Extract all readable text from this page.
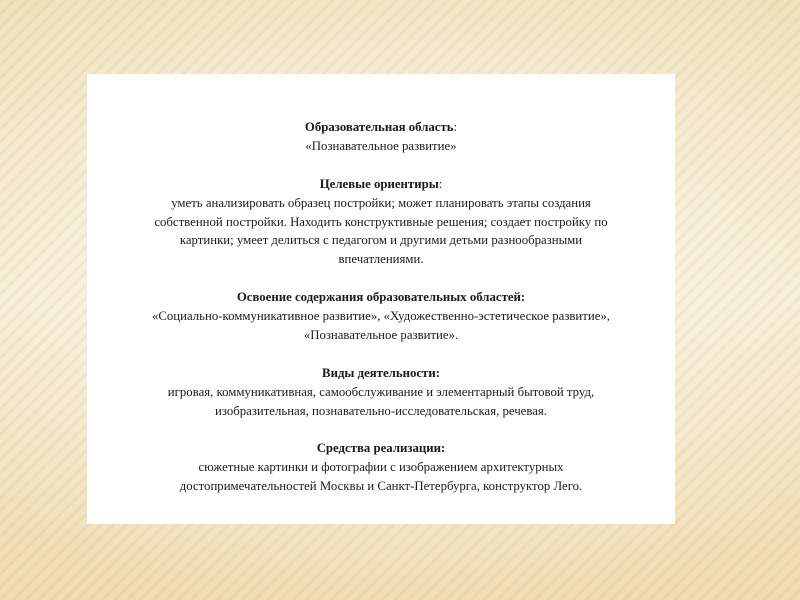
Образовательная область:
«Познавательное развитие»
Целевые ориентиры:
уметь анализировать образец постройки; может планировать этапы создания
собственной постройки. Находить конструктивные решения; создает постройку по
картинки; умеет делиться с педагогом и другими детьми разнообразными
впечатлениями.
Освоение содержания образовательных областей:
«Социально-коммуникативное развитие», «Художественно-эстетическое развитие»,
«Познавательное развитие».
Виды деятельности:
игровая, коммуникативная, самообслуживание и элементарный бытовой труд,
изобразительная, познавательно-исследовательская, речевая.
Средства реализации:
сюжетные картинки и фотографии с изображением архитектурных
достопримечательностей Москвы и Санкт-Петербурга, конструктор Лего.
